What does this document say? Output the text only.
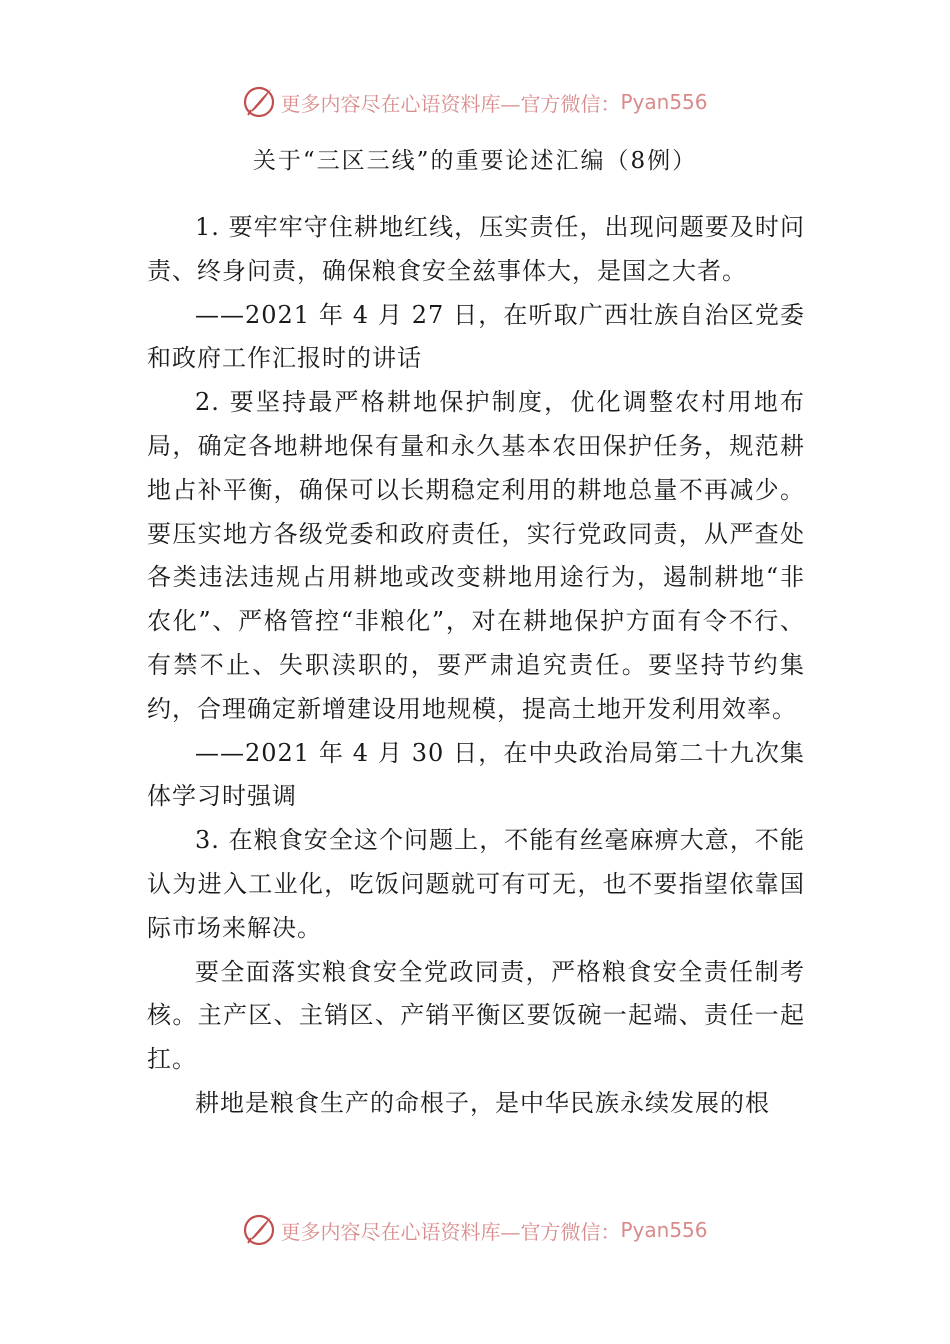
更多内容尽在心语资料库—官方微信： Pyan556
关于“三区三线”的重要论述汇编（8例）

1. 要牢牢守住耕地红线，压实责任，出现问题要及时问责、终身问责，确保粮食安全兹事体大，是国之大者。

——2021 年 4 月 27 日，在听取广西壮族自治区党委和政府工作汇报时的讲话

2. 要坚持最严格耕地保护制度，优化调整农村用地布局，确定各地耕地保有量和永久基本农田保护任务，规范耕地占补平衡，确保可以长期稳定利用的耕地总量不再减少。要压实地方各级党委和政府责任，实行党政同责，从严查处各类违法违规占用耕地或改变耕地用途行为，遏制耕地“非农化”、严格管控“非粮化”，对在耕地保护方面有令不行、有禁不止、失职渎职的，要严肃追究责任。要坚持节约集约，合理确定新增建设用地规模，提高土地开发利用效率。

——2021 年 4 月 30 日，在中央政治局第二十九次集体学习时强调

3. 在粮食安全这个问题上，不能有丝毫麻痹大意，不能认为进入工业化，吃饭问题就可有可无，也不要指望依靠国际市场来解决。

要全面落实粮食安全党政同责，严格粮食安全责任制考核。主产区、主销区、产销平衡区要饭碗一起端、责任一起扛。

耕地是粮食生产的命根子，是中华民族永续发展的根

更多内容尽在心语资料库—官方微信： Pyan556
